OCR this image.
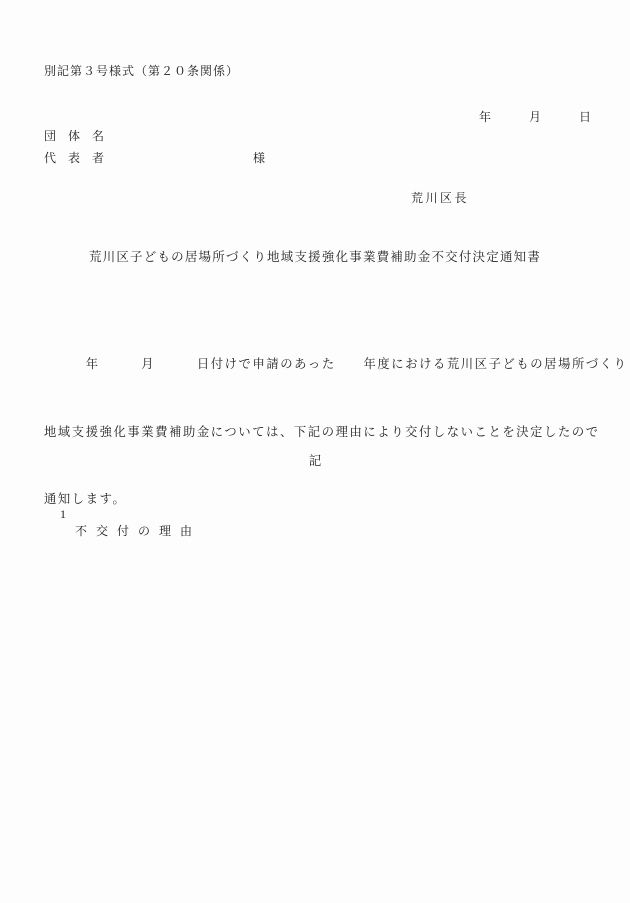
別記第３号様式（第２０条関係）
年　　　月　　　日
団　体　名
代　表　者	様
荒川区長
荒川区子どもの居場所づくり地域支援強化事業費補助金不交付決定通知書

　　　年　　　月　　　日付けで申請のあった　　年度における荒川区子どもの居場所づくり

地域支援強化事業費補助金については、下記の理由により交付しないことを決定したので

通知します。

記

1
不交付の理由
